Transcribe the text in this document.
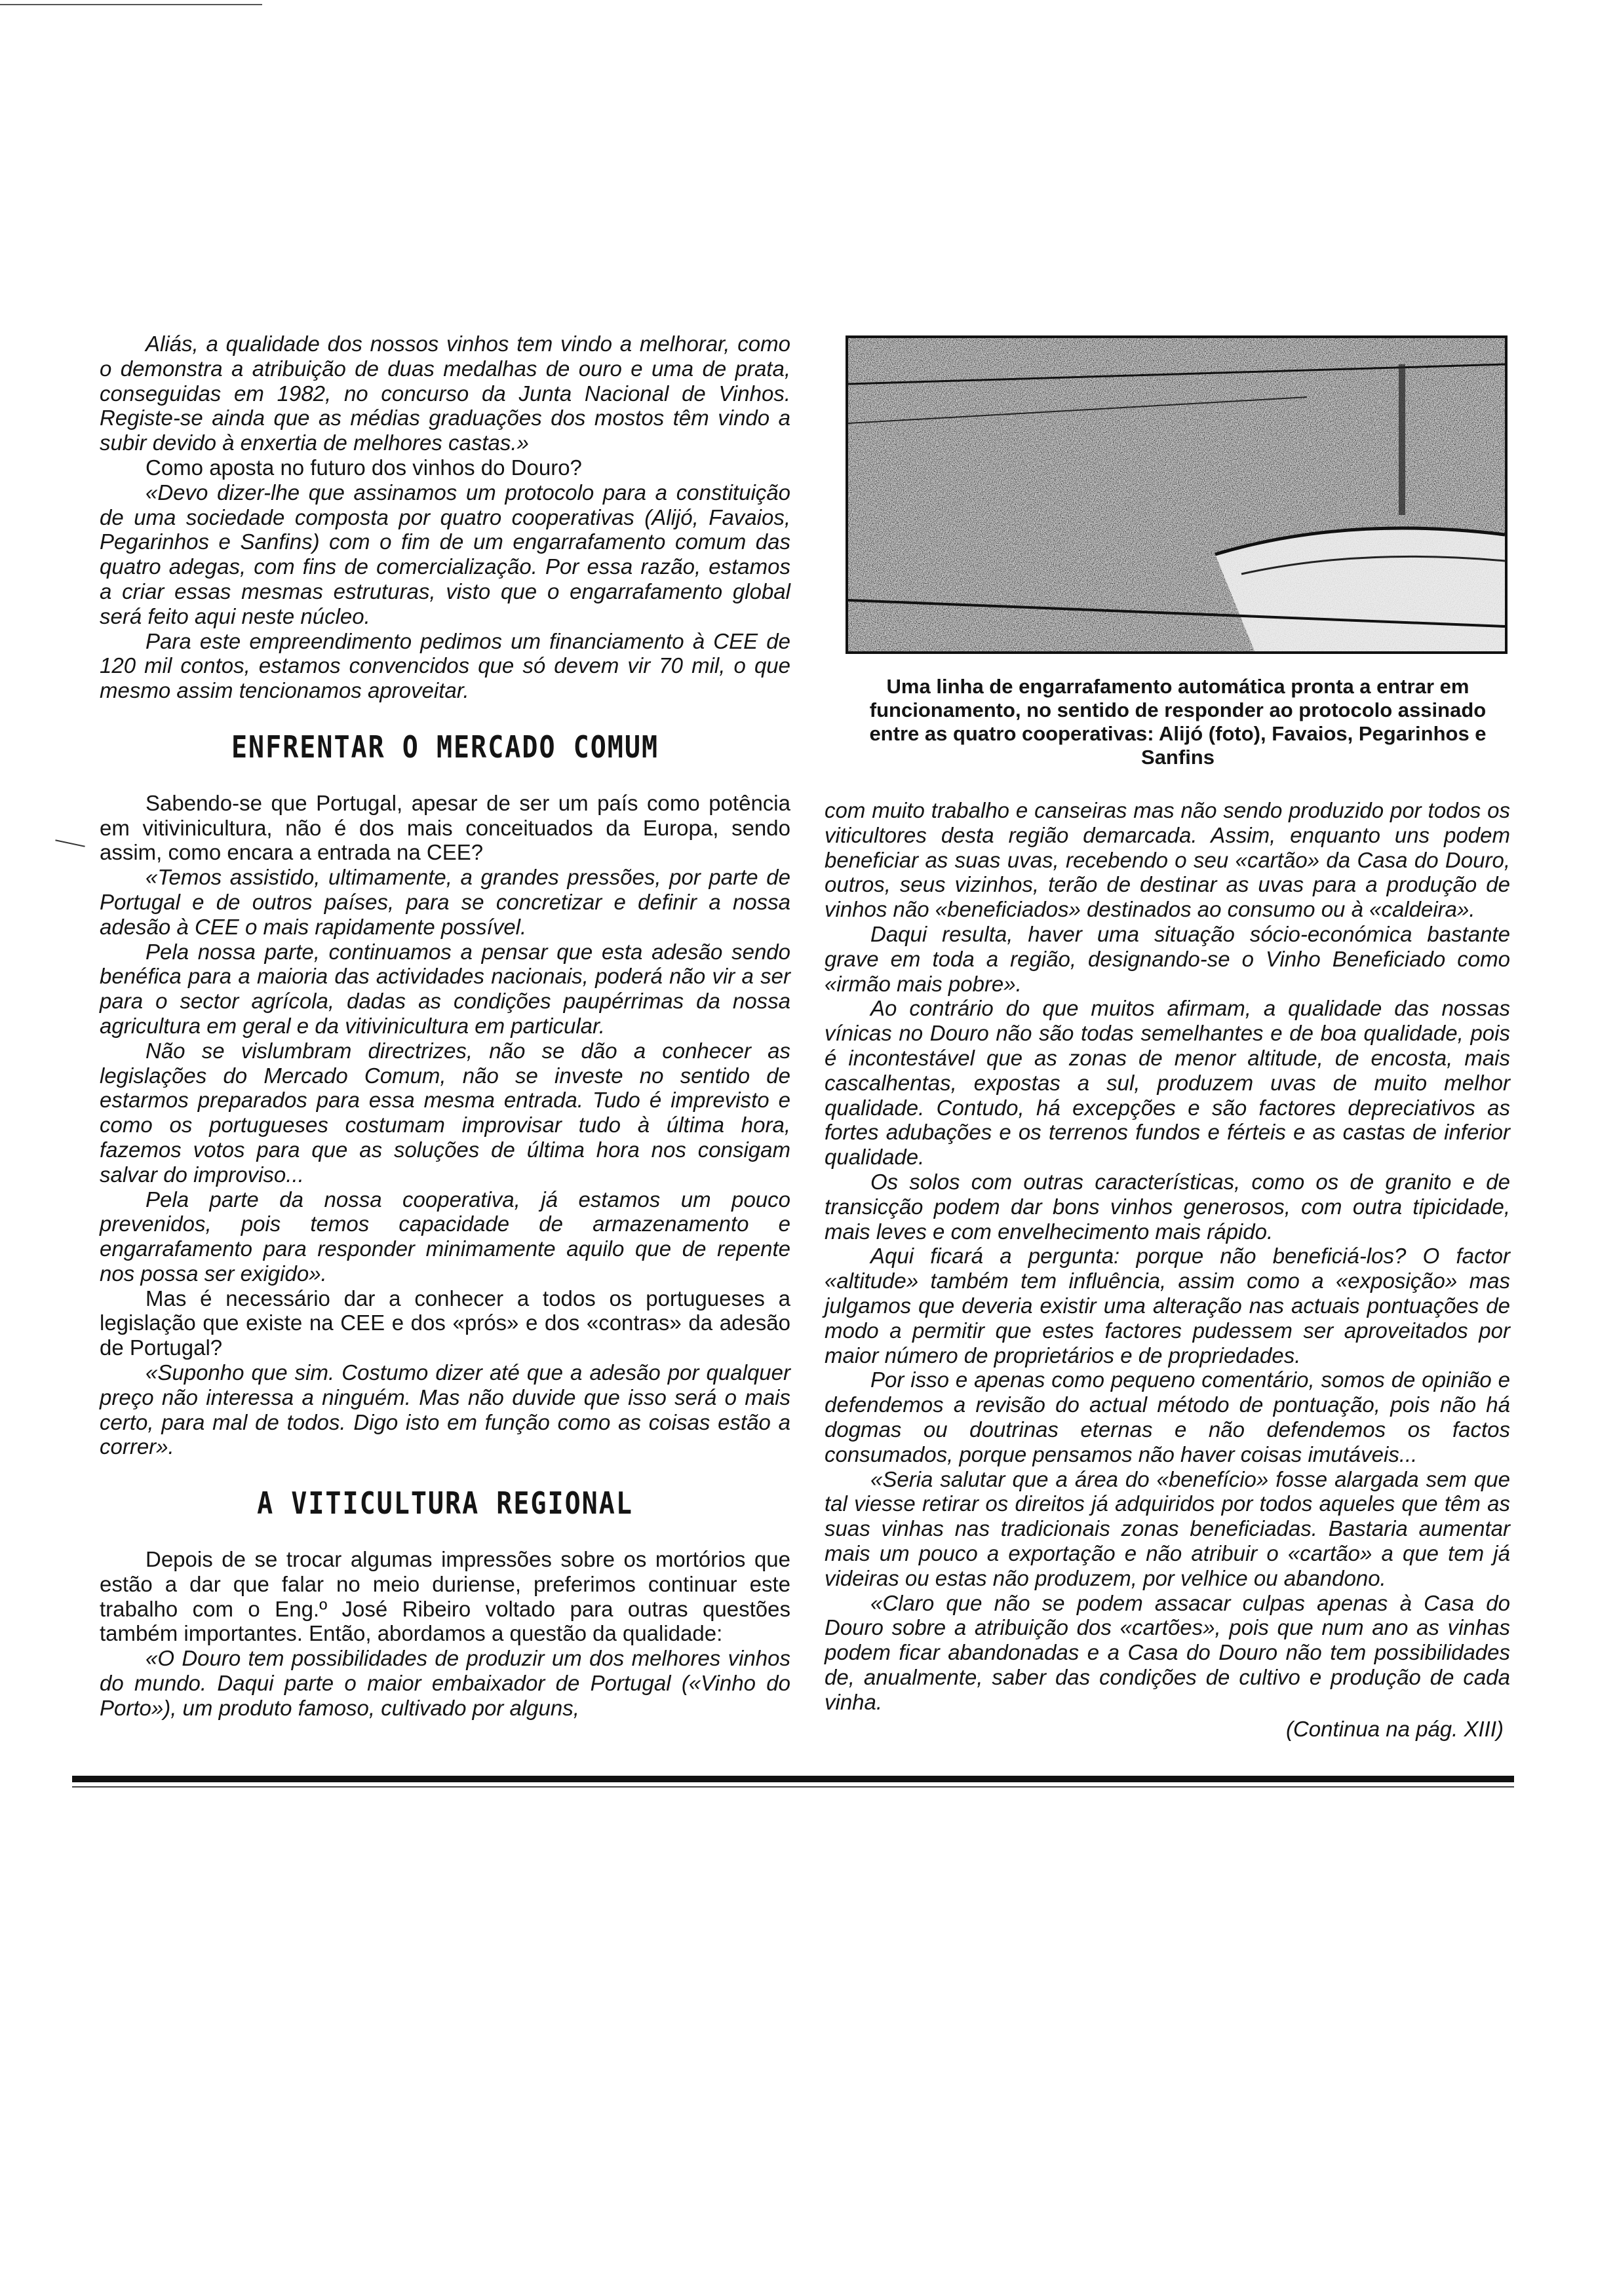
Aliás, a qualidade dos nossos vinhos tem vindo a melhorar, como o demonstra a atribuição de duas medalhas de ouro e uma de prata, conseguidas em 1982, no concurso da Junta Nacional de Vinhos. Registe-se ainda que as médias graduações dos mostos têm vindo a subir devido à enxertia de melhores castas.»

Como aposta no futuro dos vinhos do Douro?

«Devo dizer-lhe que assinamos um protocolo para a constituição de uma sociedade composta por quatro cooperativas (Alijó, Favaios, Pegarinhos e Sanfins) com o fim de um engarrafamento comum das quatro adegas, com fins de comercialização. Por essa razão, estamos a criar essas mesmas estruturas, visto que o engarrafamento global será feito aqui neste núcleo.

Para este empreendimento pedimos um financiamento à CEE de 120 mil contos, estamos convencidos que só devem vir 70 mil, o que mesmo assim tencionamos aproveitar.

ENFRENTAR O MERCADO COMUM

Sabendo-se que Portugal, apesar de ser um país como potência em vitivinicultura, não é dos mais conceituados da Europa, sendo assim, como encara a entrada na CEE?

«Temos assistido, ultimamente, a grandes pressões, por parte de Portugal e de outros países, para se concretizar e definir a nossa adesão à CEE o mais rapidamente possível.

Pela nossa parte, continuamos a pensar que esta adesão sendo benéfica para a maioria das actividades nacionais, poderá não vir a ser para o sector agrícola, dadas as condições paupérrimas da nossa agricultura em geral e da vitivinicultura em particular.

Não se vislumbram directrizes, não se dão a conhecer as legislações do Mercado Comum, não se investe no sentido de estarmos preparados para essa mesma entrada. Tudo é imprevisto e como os portugueses costumam improvisar tudo à última hora, fazemos votos para que as soluções de última hora nos consigam salvar do improviso...

Pela parte da nossa cooperativa, já estamos um pouco prevenidos, pois temos capacidade de armazenamento e engarrafamento para responder minimamente aquilo que de repente nos possa ser exigido».

Mas é necessário dar a conhecer a todos os portugueses a legislação que existe na CEE e dos «prós» e dos «contras» da adesão de Portugal?

«Suponho que sim. Costumo dizer até que a adesão por qualquer preço não interessa a ninguém. Mas não duvide que isso será o mais certo, para mal de todos. Digo isto em função como as coisas estão a correr».

A VITICULTURA REGIONAL

Depois de se trocar algumas impressões sobre os mortórios que estão a dar que falar no meio duriense, preferimos continuar este trabalho com o Eng.º José Ribeiro voltado para outras questões também importantes. Então, abordamos a questão da qualidade:

«O Douro tem possibilidades de produzir um dos melhores vinhos do mundo. Daqui parte o maior embaixador de Portugal («Vinho do Porto»), um produto famoso, cultivado por alguns,

Uma linha de engarrafamento automática pronta a entrar em funcionamento, no sentido de responder ao protocolo assinado entre as quatro cooperativas: Alijó (foto), Favaios, Pegarinhos e Sanfins

com muito trabalho e canseiras mas não sendo produzido por todos os viticultores desta região demarcada. Assim, enquanto uns podem beneficiar as suas uvas, recebendo o seu «cartão» da Casa do Douro, outros, seus vizinhos, terão de destinar as uvas para a produção de vinhos não «beneficiados» destinados ao consumo ou à «caldeira».

Daqui resulta, haver uma situação sócio-económica bastante grave em toda a região, designando-se o Vinho Beneficiado como «irmão mais pobre».

Ao contrário do que muitos afirmam, a qualidade das nossas vínicas no Douro não são todas semelhantes e de boa qualidade, pois é incontestável que as zonas de menor altitude, de encosta, mais cascalhentas, expostas a sul, produzem uvas de muito melhor qualidade. Contudo, há excepções e são factores depreciativos as fortes adubações e os terrenos fundos e férteis e as castas de inferior qualidade.

Os solos com outras características, como os de granito e de transicção podem dar bons vinhos generosos, com outra tipicidade, mais leves e com envelhecimento mais rápido.

Aqui ficará a pergunta: porque não beneficiá-los? O factor «altitude» também tem influência, assim como a «exposição» mas julgamos que deveria existir uma alteração nas actuais pontuações de modo a permitir que estes factores pudessem ser aproveitados por maior número de proprietários e de propriedades.

Por isso e apenas como pequeno comentário, somos de opinião e defendemos a revisão do actual método de pontuação, pois não há dogmas ou doutrinas eternas e não defendemos os factos consumados, porque pensamos não haver coisas imutáveis...

«Seria salutar que a área do «benefício» fosse alargada sem que tal viesse retirar os direitos já adquiridos por todos aqueles que têm as suas vinhas nas tradicionais zonas beneficiadas. Bastaria aumentar mais um pouco a exportação e não atribuir o «cartão» a que tem já videiras ou estas não produzem, por velhice ou abandono.

«Claro que não se podem assacar culpas apenas à Casa do Douro sobre a atribuição dos «cartões», pois que num ano as vinhas podem ficar abandonadas e a Casa do Douro não tem possibilidades de, anualmente, saber das condições de cultivo e produção de cada vinha.

(Continua na pág. XIII)
